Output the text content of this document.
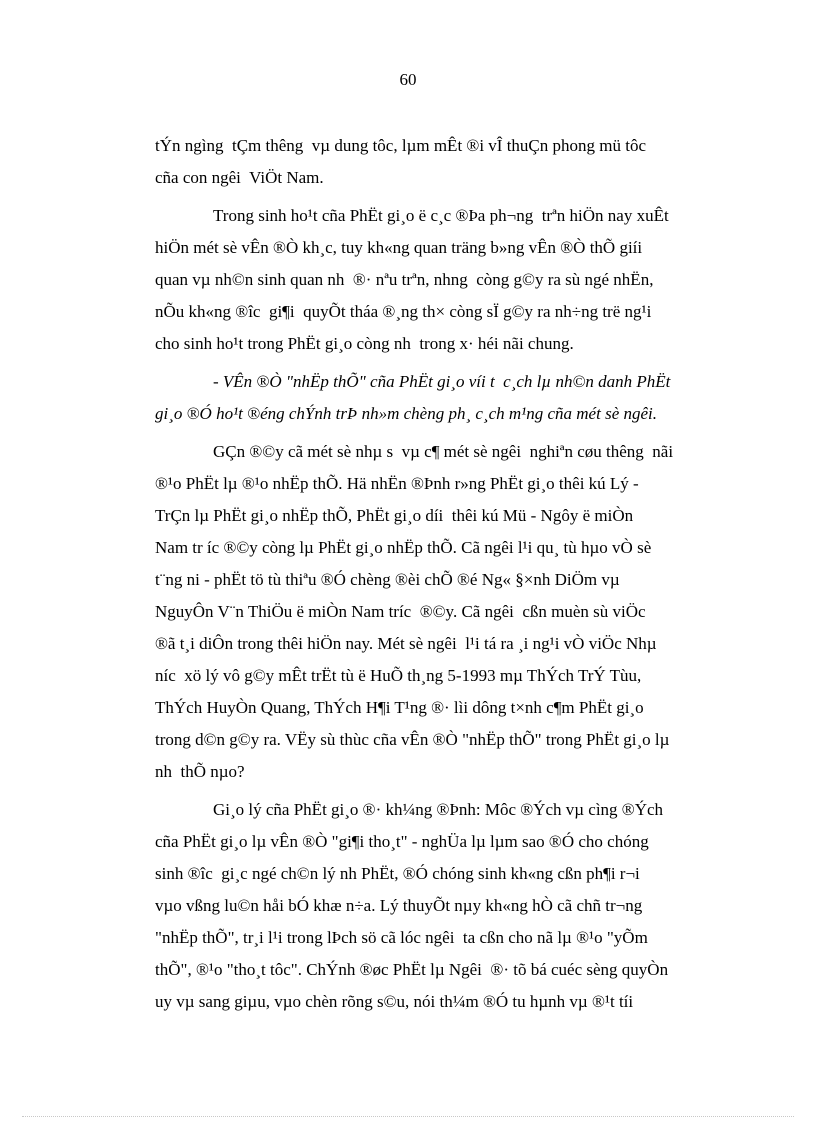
60
tÝn ngìng  tÇm thêng  vµ dung tôc, lµm mÊt ®i vÎ thuÇn phong mü tôc
cña con ngêi  ViÖt Nam.
Trong sinh ho¹t cña PhËt gi¸o ë c¸c ®Þa ph¬ng  trªn hiÖn nay xuÊt
hiÖn mét sè vÊn ®Ò kh¸c, tuy kh«ng quan träng b»ng vÊn ®Ò thÕ giíi
quan vµ nh©n sinh quan nh  ®· nªu trªn, nhng  còng g©y ra sù ngé nhËn,
nÕu kh«ng ®îc  gi¶i  quyÕt tháa ®¸ng th× còng sÏ g©y ra nh÷ng trë ng¹i
cho sinh ho¹t trong PhËt gi¸o còng nh  trong x· héi nãi chung.
- VÊn ®Ò "nhËp thÕ" cña PhËt gi¸o víi t  c¸ch lµ nh©n danh PhËt
gi¸o ®Ó ho¹t ®éng chÝnh trÞ nh»m chèng ph¸ c¸ch m¹ng cña mét sè ngêi.
GÇn ®©y cã mét sè nhµ s  vµ c¶ mét sè ngêi  nghiªn cøu thêng  nãi
®¹o PhËt lµ ®¹o nhËp thÕ. Hä nhËn ®Þnh r»ng PhËt gi¸o thêi kú Lý -
TrÇn lµ PhËt gi¸o nhËp thÕ, PhËt gi¸o díi  thêi kú Mü - Ngôy ë miÒn
Nam tr íc ®©y còng lµ PhËt gi¸o nhËp thÕ. Cã ngêi l¹i qu¸ tù hµo vÒ sè
t¨ng ni - phËt tö tù thiªu ®Ó chèng ®èi chÕ ®é Ng« §×nh DiÖm vµ
NguyÔn V¨n ThiÖu ë miÒn Nam tríc  ®©y. Cã ngêi  cßn muèn sù viÖc
®ã t¸i diÔn trong thêi hiÖn nay. Mét sè ngêi  l¹i tá ra ¸i ng¹i vÒ viÖc Nhµ
níc  xö lý vô g©y mÊt trËt tù ë HuÕ th¸ng 5-1993 mµ ThÝch TrÝ Tùu,
ThÝch HuyÒn Quang, ThÝch H¶i T¹ng ®· lìi dông t×nh c¶m PhËt gi¸o
trong d©n g©y ra. VËy sù thùc cña vÊn ®Ò "nhËp thÕ" trong PhËt gi¸o lµ
nh  thÕ nµo?
Gi¸o lý cña PhËt gi¸o ®· kh¼ng ®Þnh: Môc ®Ých vµ cìng ®Ých
cña PhËt gi¸o lµ vÊn ®Ò "gi¶i tho¸t" - nghÜa lµ lµm sao ®Ó cho chóng
sinh ®îc  gi¸c ngé ch©n lý nh PhËt, ®Ó chóng sinh kh«ng cßn ph¶i r¬i
vµo vßng lu©n håi bÓ khæ n÷a. Lý thuyÕt nµy kh«ng hÒ cã chñ tr¬ng
"nhËp thÕ", tr¸i l¹i trong lÞch sö cã lóc ngêi  ta cßn cho nã lµ ®¹o "yÕm
thÕ", ®¹o "tho¸t tôc". ChÝnh ®øc PhËt lµ Ngêi  ®· tõ bá cuéc sèng quyÒn
uy vµ sang giµu, vµo chèn rõng s©u, nói th¼m ®Ó tu hµnh vµ ®¹t tíi
